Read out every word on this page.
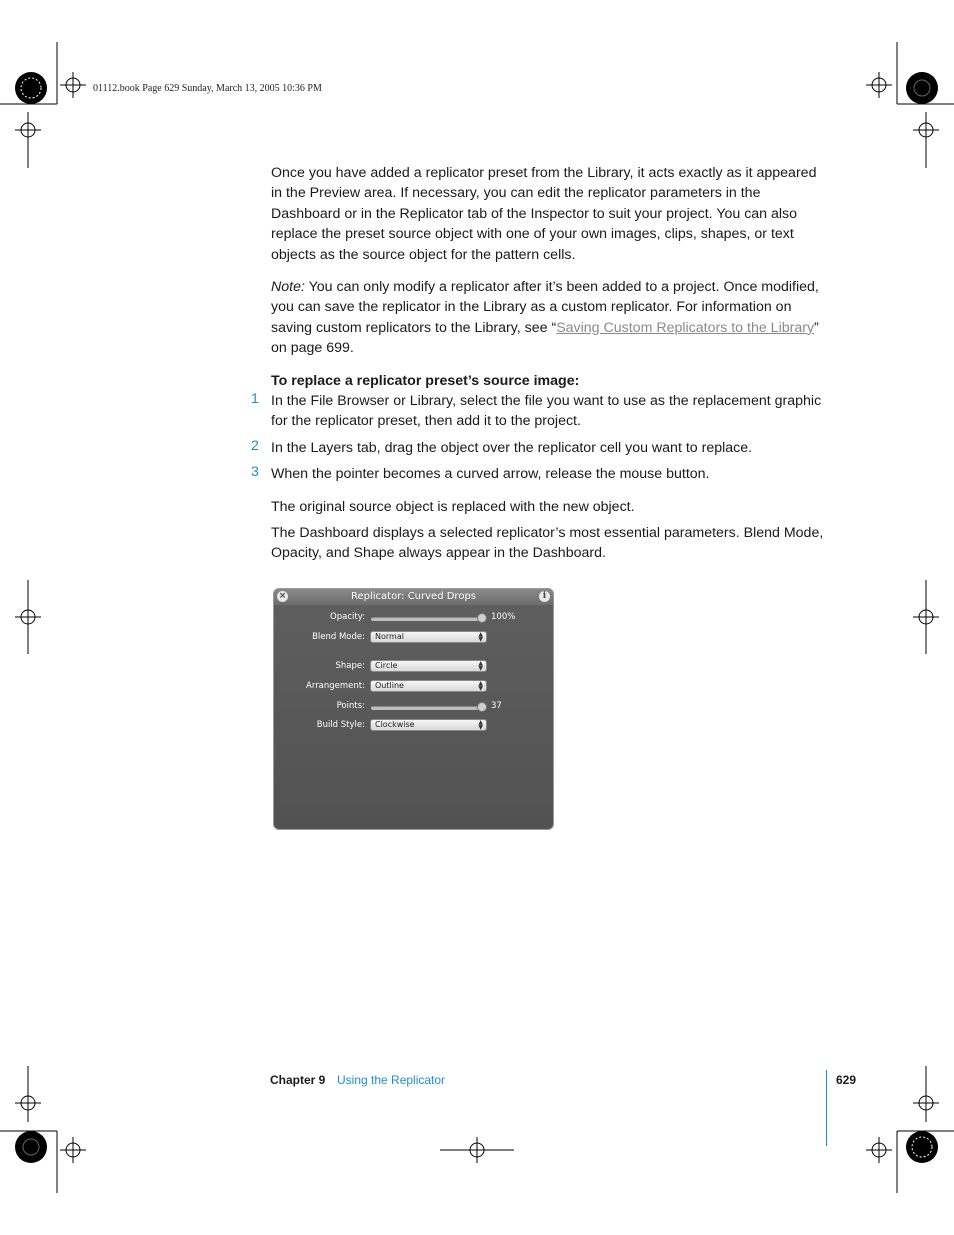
01112.book Page 629 Sunday, March 13, 2005 10:36 PM
Once you have added a replicator preset from the Library, it acts exactly as it appeared in the Preview area. If necessary, you can edit the replicator parameters in the Dashboard or in the Replicator tab of the Inspector to suit your project. You can also replace the preset source object with one of your own images, clips, shapes, or text objects as the source object for the pattern cells.
Note: You can only modify a replicator after it’s been added to a project. Once modified, you can save the replicator in the Library as a custom replicator. For information on saving custom replicators to the Library, see “Saving Custom Replicators to the Library” on page 699.
To replace a replicator preset’s source image:
1 In the File Browser or Library, select the file you want to use as the replacement graphic for the replicator preset, then add it to the project.
2 In the Layers tab, drag the object over the replicator cell you want to replace.
3 When the pointer becomes a curved arrow, release the mouse button.
The original source object is replaced with the new object.
The Dashboard displays a selected replicator’s most essential parameters. Blend Mode, Opacity, and Shape always appear in the Dashboard.
×	Replicator: Curved Drops	i
Opacity:	100%
Blend Mode:	Normal	▲
▼
Shape:	Circle	▲
▼
Arrangement:	Outline	▲
▼
Points:	37
Build Style:	Clockwise	▲
▼
Chapter 9 Using the Replicator	629
